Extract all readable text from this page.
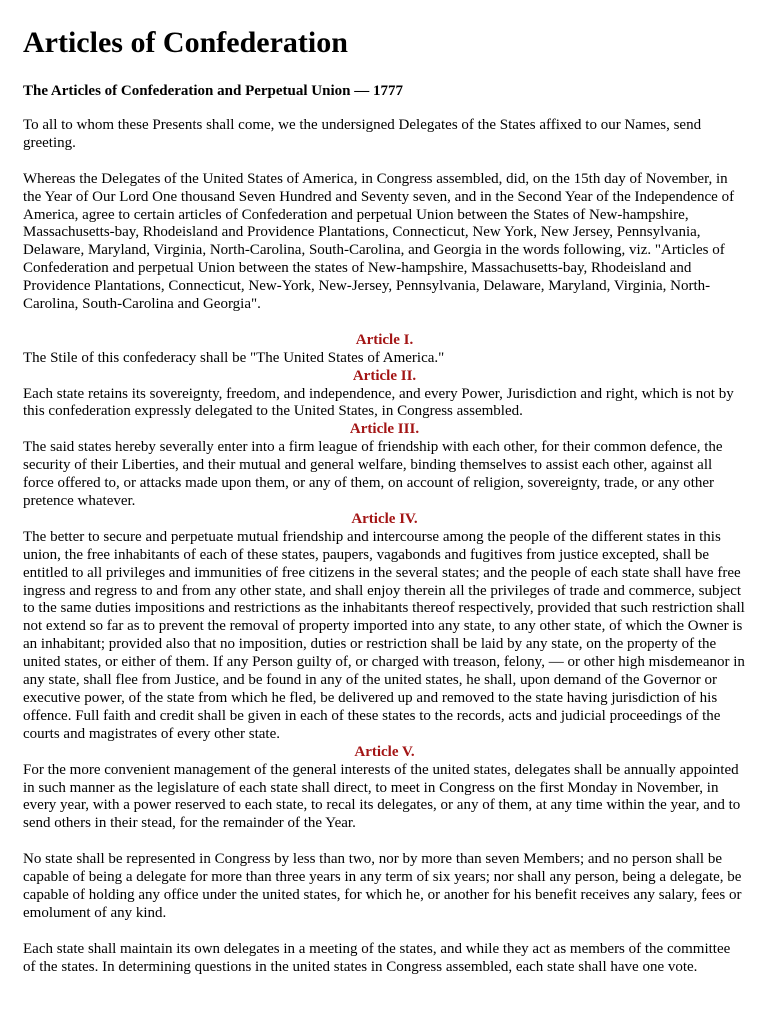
Articles of Confederation
The Articles of Confederation and Perpetual Union — 1777

To all to whom these Presents shall come, we the undersigned Delegates of the States affixed to our Names, send greeting.

Whereas the Delegates of the United States of America, in Congress assembled, did, on the 15th day of November, in the Year of Our Lord One thousand Seven Hundred and Seventy seven, and in the Second Year of the Independence of America, agree to certain articles of Confederation and perpetual Union between the States of New-hampshire, Massachusetts-bay, Rhodeisland and Providence Plantations, Connecticut, New York, New Jersey, Pennsylvania, Delaware, Maryland, Virginia, North-Carolina, South-Carolina, and Georgia in the words following, viz. "Articles of Confederation and perpetual Union between the states of New-hampshire, Massachusetts-bay, Rhodeisland and Providence Plantations, Connecticut, New-York, New-Jersey, Pennsylvania, Delaware, Maryland, Virginia, North-Carolina, South-Carolina and Georgia".

Article I.

The Stile of this confederacy shall be "The United States of America."

Article II.

Each state retains its sovereignty, freedom, and independence, and every Power, Jurisdiction and right, which is not by this confederation expressly delegated to the United States, in Congress assembled.

Article III.

The said states hereby severally enter into a firm league of friendship with each other, for their common defence, the security of their Liberties, and their mutual and general welfare, binding themselves to assist each other, against all force offered to, or attacks made upon them, or any of them, on account of religion, sovereignty, trade, or any other pretence whatever.

Article IV.

The better to secure and perpetuate mutual friendship and intercourse among the people of the different states in this union, the free inhabitants of each of these states, paupers, vagabonds and fugitives from justice excepted, shall be entitled to all privileges and immunities of free citizens in the several states; and the people of each state shall have free ingress and regress to and from any other state, and shall enjoy therein all the privileges of trade and commerce, subject to the same duties impositions and restrictions as the inhabitants thereof respectively, provided that such restriction shall not extend so far as to prevent the removal of property imported into any state, to any other state, of which the Owner is an inhabitant; provided also that no imposition, duties or restriction shall be laid by any state, on the property of the united states, or either of them. If any Person guilty of, or charged with treason, felony, — or other high misdemeanor in any state, shall flee from Justice, and be found in any of the united states, he shall, upon demand of the Governor or executive power, of the state from which he fled, be delivered up and removed to the state having jurisdiction of his offence. Full faith and credit shall be given in each of these states to the records, acts and judicial proceedings of the courts and magistrates of every other state.

Article V.

For the more convenient management of the general interests of the united states, delegates shall be annually appointed in such manner as the legislature of each state shall direct, to meet in Congress on the first Monday in November, in every year, with a power reserved to each state, to recal its delegates, or any of them, at any time within the year, and to send others in their stead, for the remainder of the Year.

No state shall be represented in Congress by less than two, nor by more than seven Members; and no person shall be capable of being a delegate for more than three years in any term of six years; nor shall any person, being a delegate, be capable of holding any office under the united states, for which he, or another for his benefit receives any salary, fees or emolument of any kind.

Each state shall maintain its own delegates in a meeting of the states, and while they act as members of the committee of the states. In determining questions in the united states in Congress assembled, each state shall have one vote.
